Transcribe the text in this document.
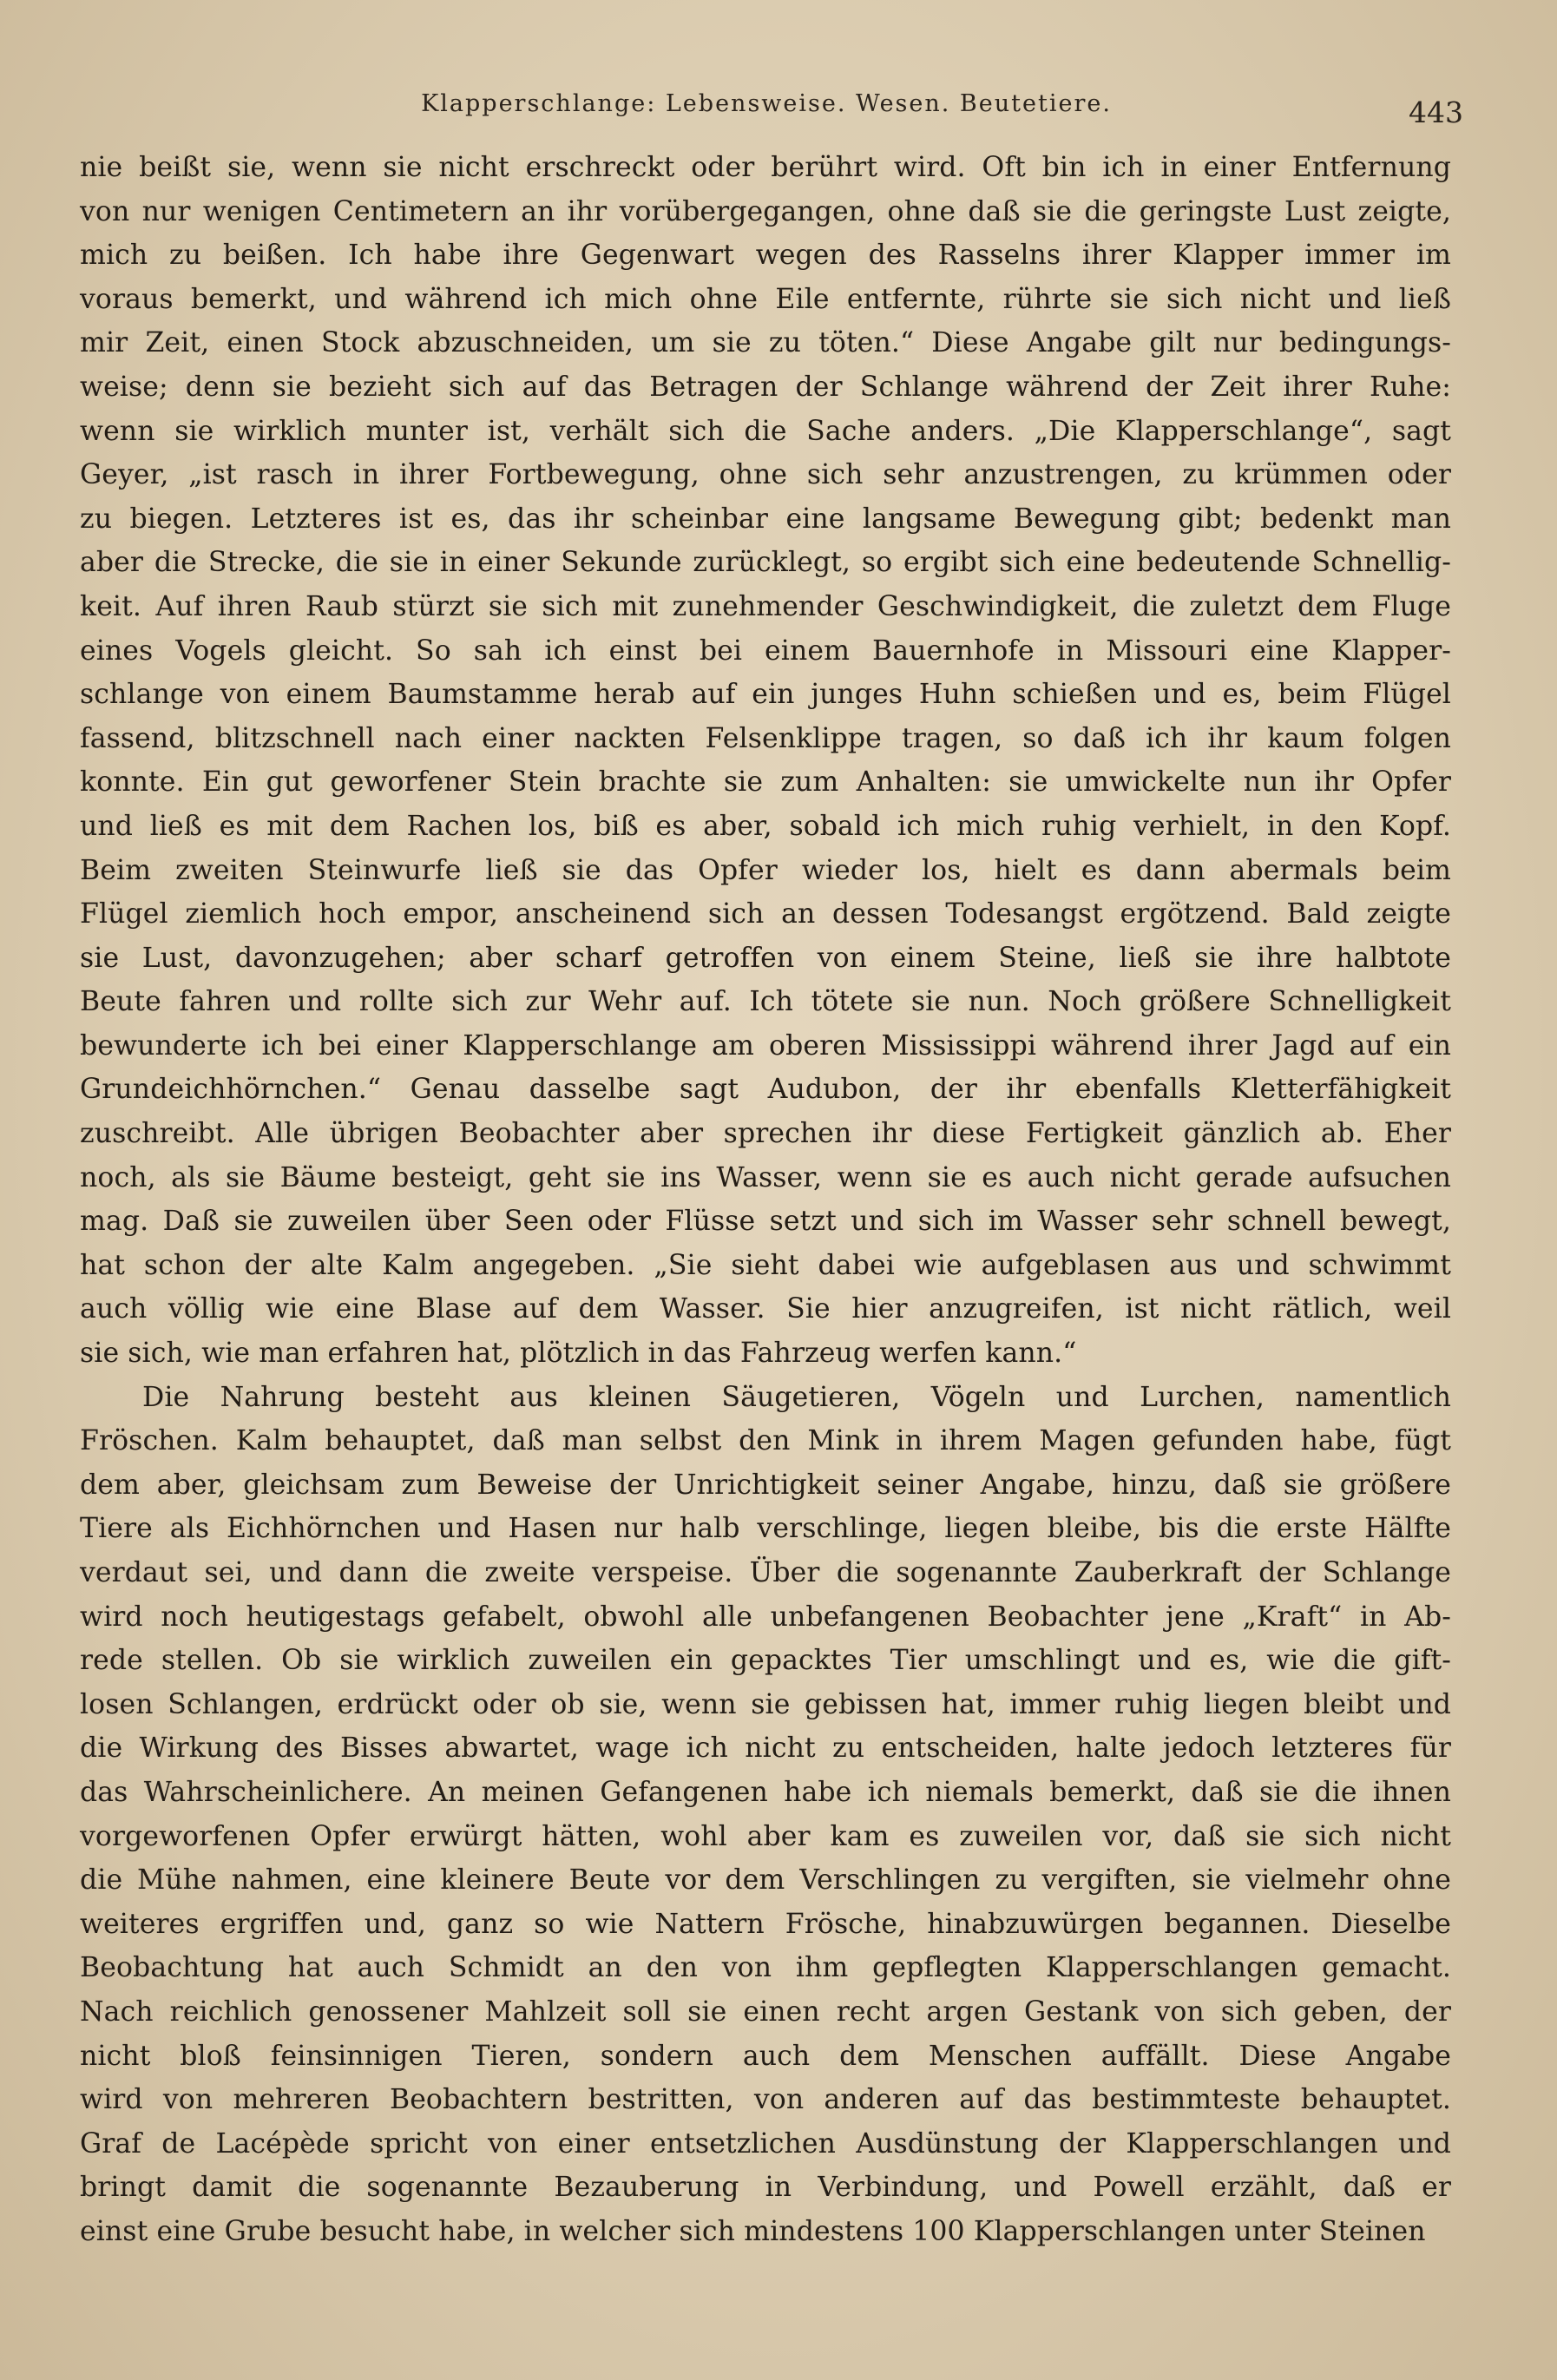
Klapperschlange: Lebensweise. Wesen. Beutetiere.	443
nie beißt sie, wenn sie nicht erschreckt oder berührt wird. Oft bin ich in einer Entfernung
von nur wenigen Centimetern an ihr vorübergegangen, ohne daß sie die geringste Lust zeigte,
mich zu beißen. Ich habe ihre Gegenwart wegen des Rasselns ihrer Klapper immer im
voraus bemerkt, und während ich mich ohne Eile entfernte, rührte sie sich nicht und ließ
mir Zeit, einen Stock abzuschneiden, um sie zu töten.“ Diese Angabe gilt nur bedingungs-
weise; denn sie bezieht sich auf das Betragen der Schlange während der Zeit ihrer Ruhe:
wenn sie wirklich munter ist, verhält sich die Sache anders. „Die Klapperschlange“, sagt
Geyer, „ist rasch in ihrer Fortbewegung, ohne sich sehr anzustrengen, zu krümmen oder
zu biegen. Letzteres ist es, das ihr scheinbar eine langsame Bewegung gibt; bedenkt man
aber die Strecke, die sie in einer Sekunde zurücklegt, so ergibt sich eine bedeutende Schnellig-
keit. Auf ihren Raub stürzt sie sich mit zunehmender Geschwindigkeit, die zuletzt dem Fluge
eines Vogels gleicht. So sah ich einst bei einem Bauernhofe in Missouri eine Klapper-
schlange von einem Baumstamme herab auf ein junges Huhn schießen und es, beim Flügel
fassend, blitzschnell nach einer nackten Felsenklippe tragen, so daß ich ihr kaum folgen
konnte. Ein gut geworfener Stein brachte sie zum Anhalten: sie umwickelte nun ihr Opfer
und ließ es mit dem Rachen los, biß es aber, sobald ich mich ruhig verhielt, in den Kopf.
Beim zweiten Steinwurfe ließ sie das Opfer wieder los, hielt es dann abermals beim
Flügel ziemlich hoch empor, anscheinend sich an dessen Todesangst ergötzend. Bald zeigte
sie Lust, davonzugehen; aber scharf getroffen von einem Steine, ließ sie ihre halbtote
Beute fahren und rollte sich zur Wehr auf. Ich tötete sie nun. Noch größere Schnelligkeit
bewunderte ich bei einer Klapperschlange am oberen Mississippi während ihrer Jagd auf ein
Grundeichhörnchen.“ Genau dasselbe sagt Audubon, der ihr ebenfalls Kletterfähigkeit
zuschreibt. Alle übrigen Beobachter aber sprechen ihr diese Fertigkeit gänzlich ab. Eher
noch, als sie Bäume besteigt, geht sie ins Wasser, wenn sie es auch nicht gerade aufsuchen
mag. Daß sie zuweilen über Seen oder Flüsse setzt und sich im Wasser sehr schnell bewegt,
hat schon der alte Kalm angegeben. „Sie sieht dabei wie aufgeblasen aus und schwimmt
auch völlig wie eine Blase auf dem Wasser. Sie hier anzugreifen, ist nicht rätlich, weil
sie sich, wie man erfahren hat, plötzlich in das Fahrzeug werfen kann.“
Die Nahrung besteht aus kleinen Säugetieren, Vögeln und Lurchen, namentlich
Fröschen. Kalm behauptet, daß man selbst den Mink in ihrem Magen gefunden habe, fügt
dem aber, gleichsam zum Beweise der Unrichtigkeit seiner Angabe, hinzu, daß sie größere
Tiere als Eichhörnchen und Hasen nur halb verschlinge, liegen bleibe, bis die erste Hälfte
verdaut sei, und dann die zweite verspeise. Über die sogenannte Zauberkraft der Schlange
wird noch heutigestags gefabelt, obwohl alle unbefangenen Beobachter jene „Kraft“ in Ab-
rede stellen. Ob sie wirklich zuweilen ein gepacktes Tier umschlingt und es, wie die gift-
losen Schlangen, erdrückt oder ob sie, wenn sie gebissen hat, immer ruhig liegen bleibt und
die Wirkung des Bisses abwartet, wage ich nicht zu entscheiden, halte jedoch letzteres für
das Wahrscheinlichere. An meinen Gefangenen habe ich niemals bemerkt, daß sie die ihnen
vorgeworfenen Opfer erwürgt hätten, wohl aber kam es zuweilen vor, daß sie sich nicht
die Mühe nahmen, eine kleinere Beute vor dem Verschlingen zu vergiften, sie vielmehr ohne
weiteres ergriffen und, ganz so wie Nattern Frösche, hinabzuwürgen begannen. Dieselbe
Beobachtung hat auch Schmidt an den von ihm gepflegten Klapperschlangen gemacht.
Nach reichlich genossener Mahlzeit soll sie einen recht argen Gestank von sich geben, der
nicht bloß feinsinnigen Tieren, sondern auch dem Menschen auffällt. Diese Angabe
wird von mehreren Beobachtern bestritten, von anderen auf das bestimmteste behauptet.
Graf de Lacépède spricht von einer entsetzlichen Ausdünstung der Klapperschlangen und
bringt damit die sogenannte Bezauberung in Verbindung, und Powell erzählt, daß er
einst eine Grube besucht habe, in welcher sich mindestens 100 Klapperschlangen unter Steinen
